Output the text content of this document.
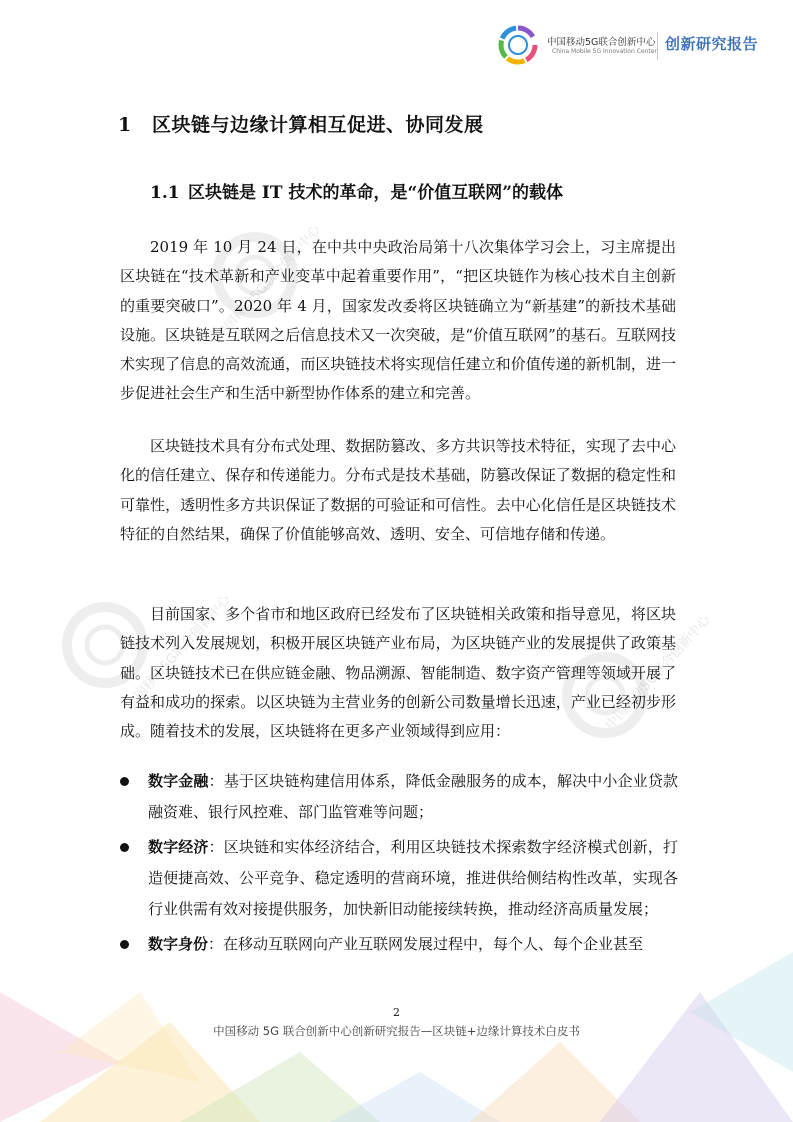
中国移动5G联合创新中心
中国移动5G联合创新中心
中国移动5G联合创新中心
中国移动5G联合创新中心
China Mobile 5G Innovation Center 创新研究报告
1 区块链与边缘计算相互促进、协同发展
1.1 区块链是 IT 技术的革命，是“价值互联网”的载体

2019 年 10 月 24 日，在中共中央政治局第十八次集体学习会上，习主席提出区块链在“技术革新和产业变革中起着重要作用”，“把区块链作为核心技术自主创新的重要突破口”。2020 年 4 月，国家发改委将区块链确立为“新基建”的新技术基础设施。区块链是互联网之后信息技术又一次突破，是“价值互联网”的基石。互联网技术实现了信息的高效流通，而区块链技术将实现信任建立和价值传递的新机制，进一步促进社会生产和生活中新型协作体系的建立和完善。

区块链技术具有分布式处理、数据防篡改、多方共识等技术特征，实现了去中心化的信任建立、保存和传递能力。分布式是技术基础，防篡改保证了数据的稳定性和可靠性，透明性多方共识保证了数据的可验证和可信性。去中心化信任是区块链技术特征的自然结果，确保了价值能够高效、透明、安全、可信地存储和传递。

目前国家、多个省市和地区政府已经发布了区块链相关政策和指导意见，将区块链技术列入发展规划，积极开展区块链产业布局，为区块链产业的发展提供了政策基础。区块链技术已在供应链金融、物品溯源、智能制造、数字资产管理等领域开展了有益和成功的探索。以区块链为主营业务的创新公司数量增长迅速，产业已经初步形成。随着技术的发展，区块链将在更多产业领域得到应用：

数字金融：基于区块链构建信用体系，降低金融服务的成本，解决中小企业贷款融资难、银行风控难、部门监管难等问题；
数字经济：区块链和实体经济结合，利用区块链技术探索数字经济模式创新，打造便捷高效、公平竞争、稳定透明的营商环境，推进供给侧结构性改革，实现各行业供需有效对接提供服务，加快新旧动能接续转换，推动经济高质量发展；
数字身份：在移动互联网向产业互联网发展过程中，每个人、每个企业甚至
2
中国移动 5G 联合创新中心创新研究报告—区块链+边缘计算技术白皮书
